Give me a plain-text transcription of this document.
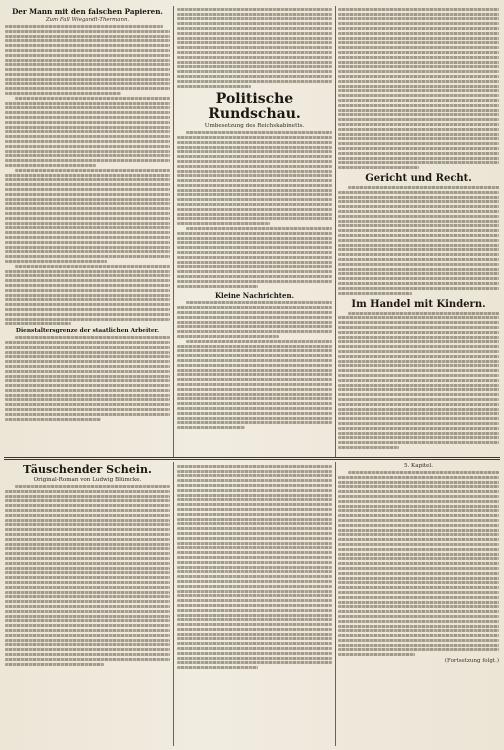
Der Mann mit den falschen Papieren.
Zum Fall Wiegandt-Thermann.
Dienstaltersgrenze der staatlichen Arbeiter.
Politische Rundschau.
Umbesetzung des Reichskabinetts.
Kleine Nachrichten.
Gericht und Recht.
Im Handel mit Kindern.
Täuschender Schein.
Original-Roman von Ludwig Blümcke.
5. Kapitel.
(Fortsetzung folgt.)
